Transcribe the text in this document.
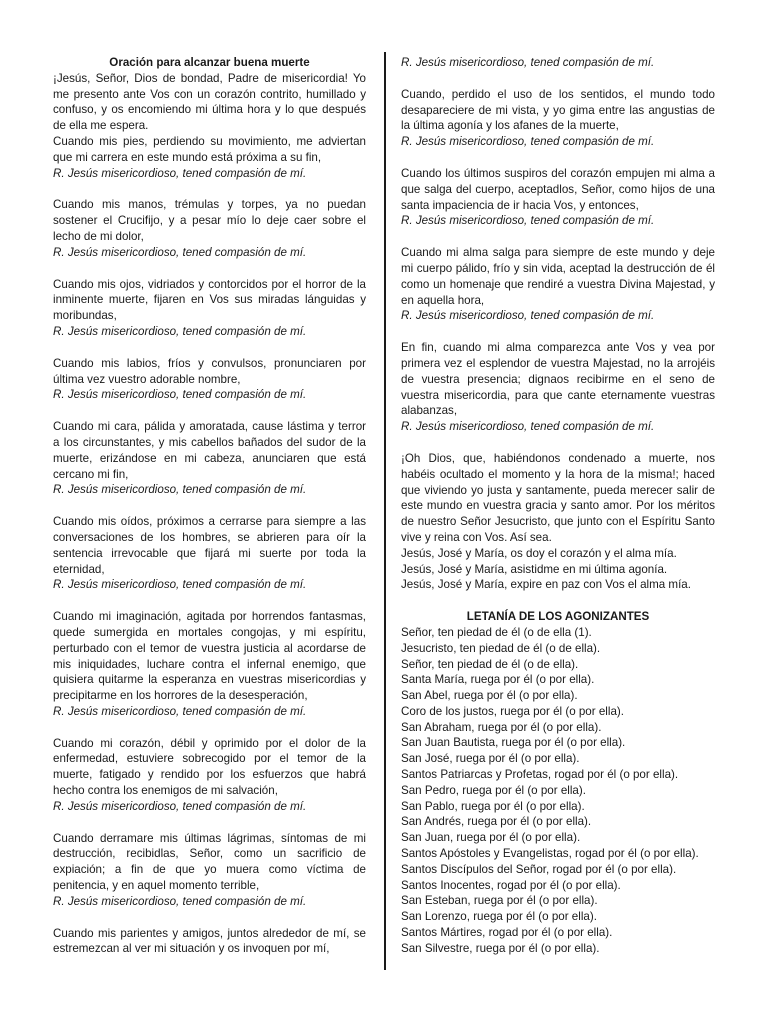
Oración para alcanzar buena muerte

¡Jesús, Señor, Dios de bondad, Padre de misericordia! Yo me presento ante Vos con un corazón contrito, humillado y confuso, y os encomiendo mi última hora y lo que después de ella me espera.

Cuando mis pies, perdiendo su movimiento, me adviertan que mi carrera en este mundo está próxima a su fin,

R. Jesús misericordioso, tened compasión de mí.

Cuando mis manos, trémulas y torpes, ya no puedan sostener el Crucifijo, y a pesar mío lo deje caer sobre el lecho de mi dolor,

R. Jesús misericordioso, tened compasión de mí.

Cuando mis ojos, vidriados y contorcidos por el horror de la inminente muerte, fijaren en Vos sus miradas lánguidas y moribundas,

R. Jesús misericordioso, tened compasión de mí.

Cuando mis labios, fríos y convulsos, pronunciaren por última vez vuestro adorable nombre,

R. Jesús misericordioso, tened compasión de mí.

Cuando mi cara, pálida y amoratada, cause lástima y terror a los circunstantes, y mis cabellos bañados del sudor de la muerte, erizándose en mi cabeza, anunciaren que está cercano mi fin,

R. Jesús misericordioso, tened compasión de mí.

Cuando mis oídos, próximos a cerrarse para siempre a las conversaciones de los hombres, se abrieren para oír la sentencia irrevocable que fijará mi suerte por toda la eternidad,

R. Jesús misericordioso, tened compasión de mí.

Cuando mi imaginación, agitada por horrendos fantasmas, quede sumergida en mortales congojas, y mi espíritu, perturbado con el temor de vuestra justicia al acordarse de mis iniquidades, luchare contra el infernal enemigo, que quisiera quitarme la esperanza en vuestras misericordias y precipitarme en los horrores de la desesperación,

R. Jesús misericordioso, tened compasión de mí.

Cuando mi corazón, débil y oprimido por el dolor de la enfermedad, estuviere sobrecogido por el temor de la muerte, fatigado y rendido por los esfuerzos que habrá hecho contra los enemigos de mi salvación,

R. Jesús misericordioso, tened compasión de mí.

Cuando derramare mis últimas lágrimas, síntomas de mi destrucción, recibidlas, Señor, como un sacrificio de expiación; a fin de que yo muera como víctima de penitencia, y en aquel momento terrible,

R. Jesús misericordioso, tened compasión de mí.

Cuando mis parientes y amigos, juntos alrededor de mí, se estremezcan al ver mi situación y os invoquen por mí,

R. Jesús misericordioso, tened compasión de mí.

Cuando, perdido el uso de los sentidos, el mundo todo desapareciere de mi vista, y yo gima entre las angustias de la última agonía y los afanes de la muerte,

R. Jesús misericordioso, tened compasión de mí.

Cuando los últimos suspiros del corazón empujen mi alma a que salga del cuerpo, aceptadlos, Señor, como hijos de una santa impaciencia de ir hacia Vos, y entonces,

R. Jesús misericordioso, tened compasión de mí.

Cuando mi alma salga para siempre de este mundo y deje mi cuerpo pálido, frío y sin vida, aceptad la destrucción de él como un homenaje que rendiré a vuestra Divina Majestad, y en aquella hora,

R. Jesús misericordioso, tened compasión de mí.

En fin, cuando mi alma comparezca ante Vos y vea por primera vez el esplendor de vuestra Majestad, no la arrojéis de vuestra presencia; dignaos recibirme en el seno de vuestra misericordia, para que cante eternamente vuestras alabanzas,

R. Jesús misericordioso, tened compasión de mí.

¡Oh Dios, que, habiéndonos condenado a muerte, nos habéis ocultado el momento y la hora de la misma!; haced que viviendo yo justa y santamente, pueda merecer salir de este mundo en vuestra gracia y santo amor. Por los méritos de nuestro Señor Jesucristo, que junto con el Espíritu Santo vive y reina con Vos. Así sea.

Jesús, José y María, os doy el corazón y el alma mía.

Jesús, José y María, asistidme en mi última agonía.

Jesús, José y María, expire en paz con Vos el alma mía.

LETANÍA DE LOS AGONIZANTES

Señor, ten piedad de él (o de ella (1).

Jesucristo, ten piedad de él (o de ella).

Señor, ten piedad de él (o de ella).

Santa María, ruega por él (o por ella).

San Abel, ruega por él (o por ella).

Coro de los justos, ruega por él (o por ella).

San Abraham, ruega por él (o por ella).

San Juan Bautista, ruega por él (o por ella).

San José, ruega por él (o por ella).

Santos Patriarcas y Profetas, rogad por él (o por ella).

San Pedro, ruega por él (o por ella).

San Pablo, ruega por él (o por ella).

San Andrés, ruega por él (o por ella).

San Juan, ruega por él (o por ella).

Santos Apóstoles y Evangelistas, rogad por él (o por ella).

Santos Discípulos del Señor, rogad por él (o por ella).

Santos Inocentes, rogad por él (o por ella).

San Esteban, ruega por él (o por ella).

San Lorenzo, ruega por él (o por ella).

Santos Mártires, rogad por él (o por ella).

San Silvestre, ruega por él (o por ella).
